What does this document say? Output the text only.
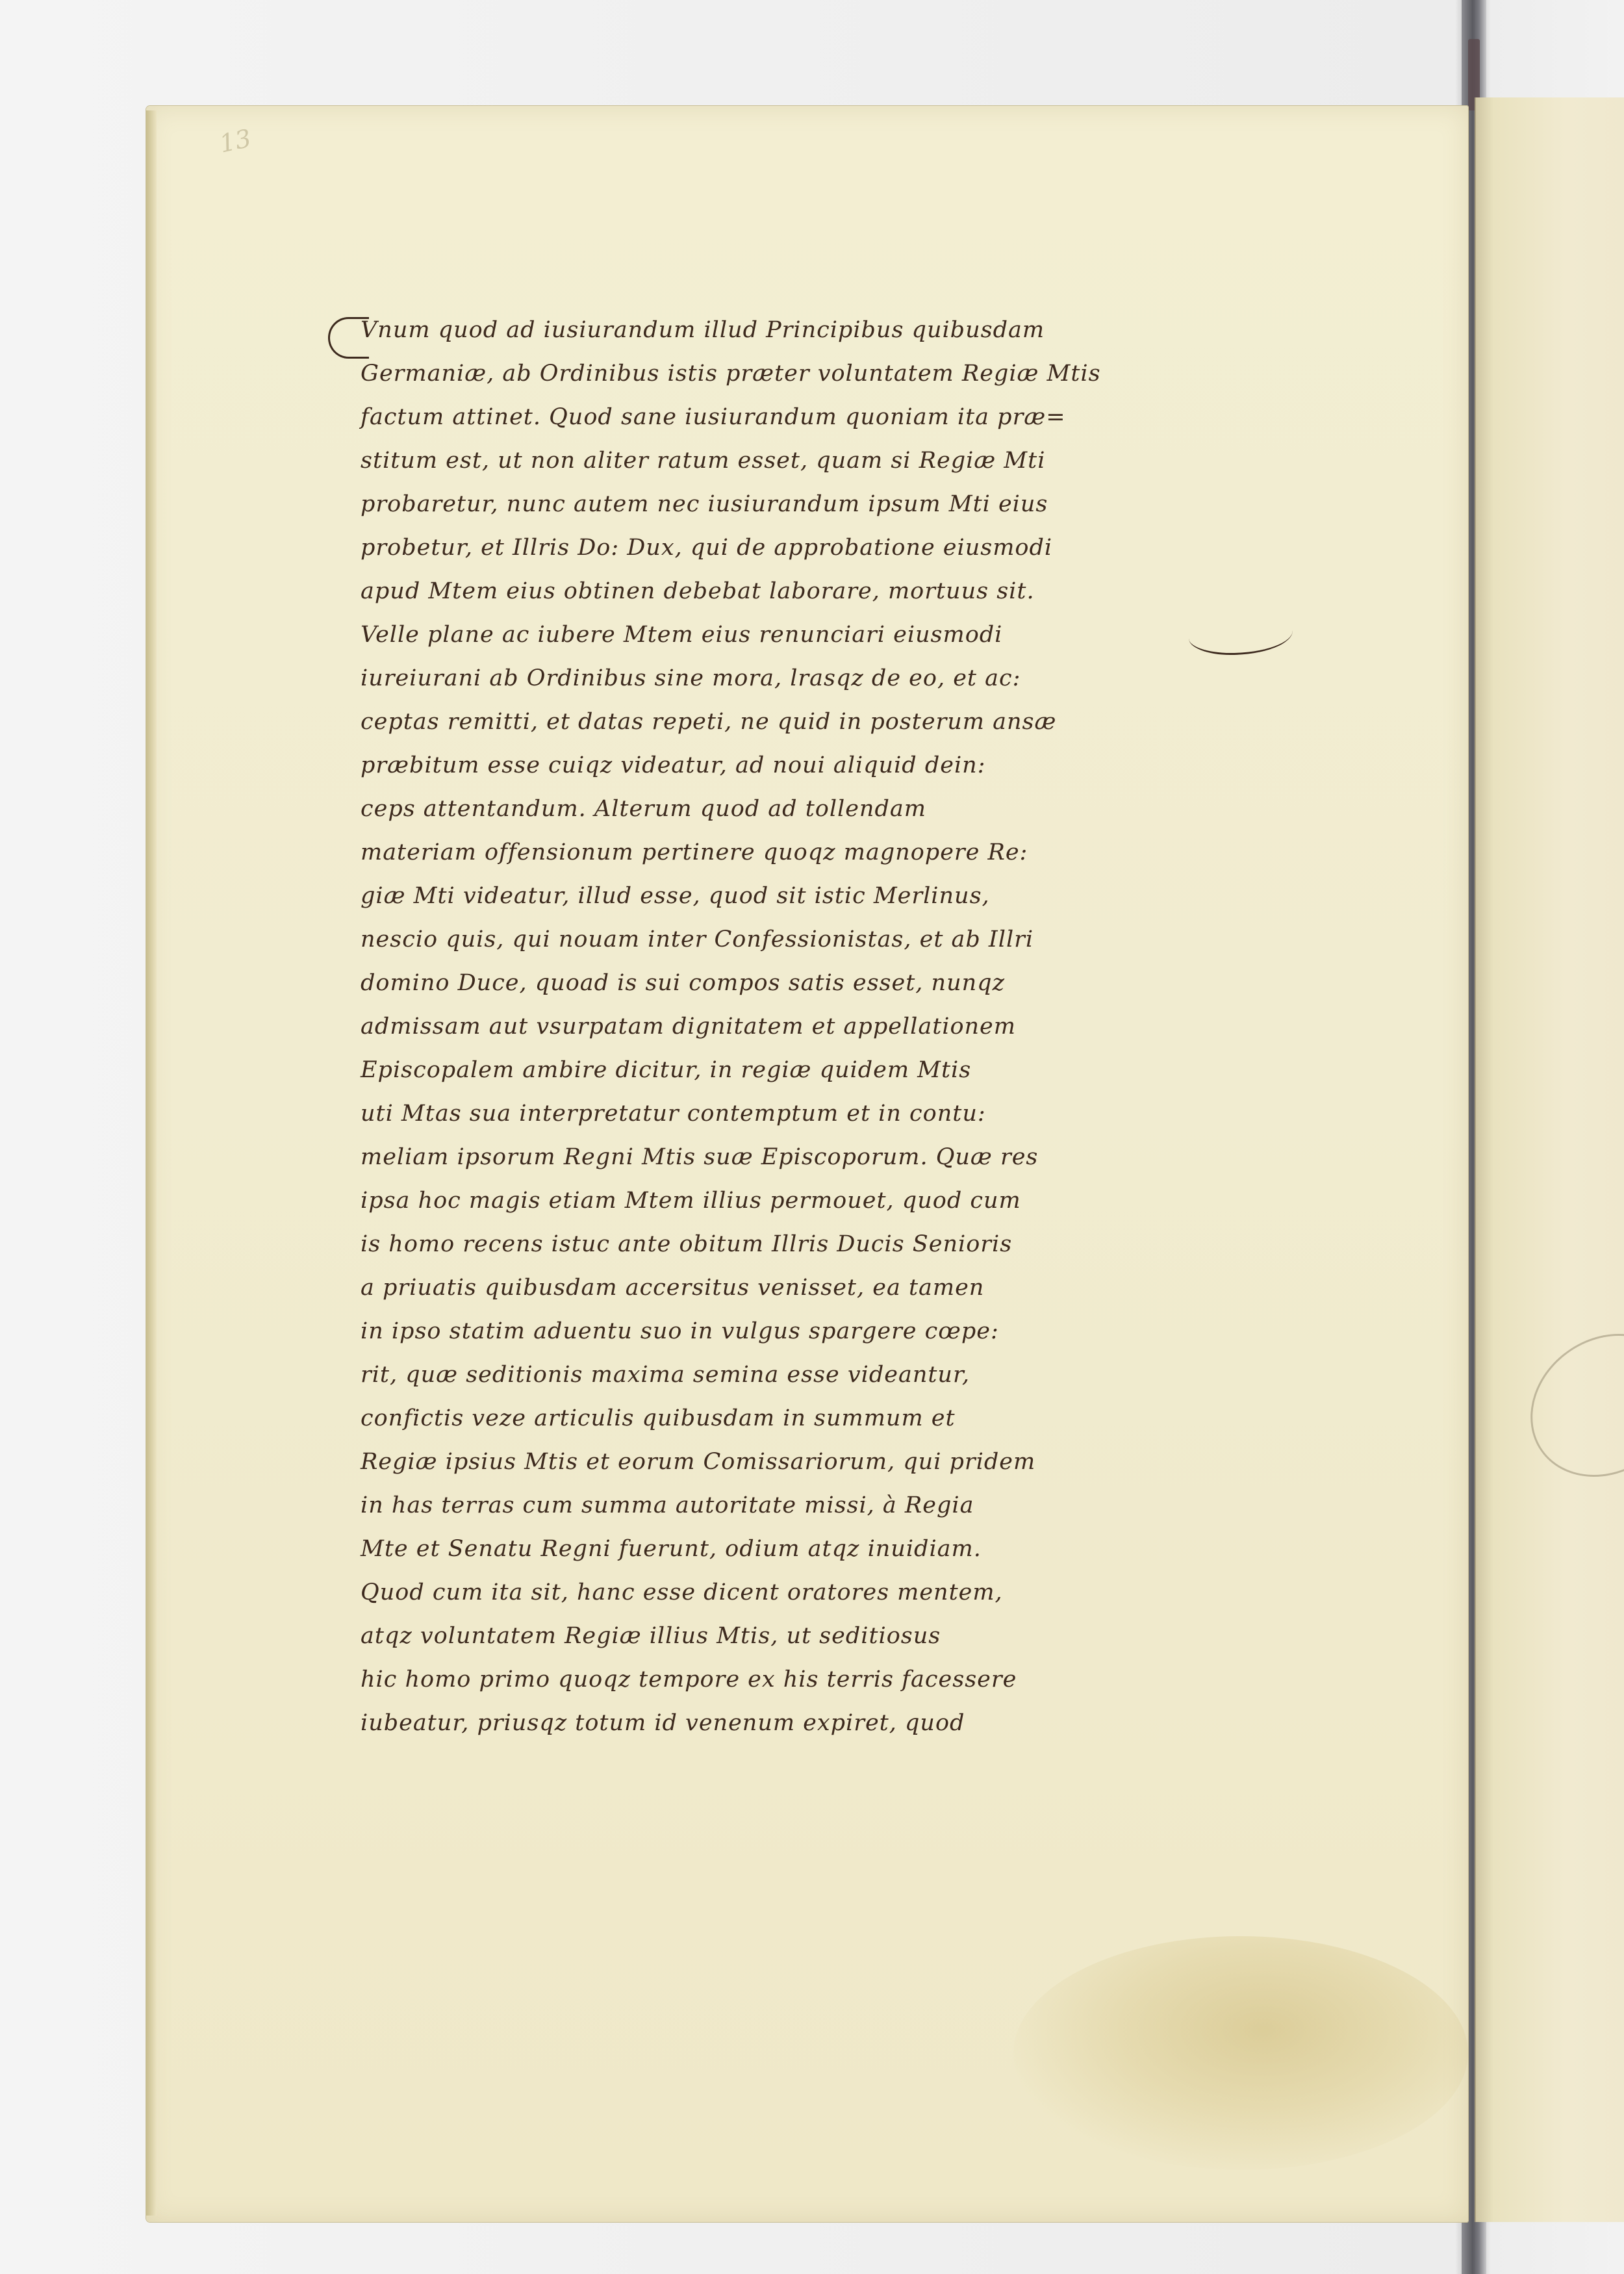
13
Vnum quod ad iusiurandum illud Principibus quibusdam
Germaniæ, ab Ordinibus istis præter voluntatem Regiæ Mtis
factum attinet. Quod sane iusiurandum quoniam ita præ=
stitum est, ut non aliter ratum esset, quam si Regiæ Mti
probaretur, nunc autem nec iusiurandum ipsum Mti eius
probetur, et Illris Do: Dux, qui de approbatione eiusmodi
apud Mtem eius obtinen debebat laborare, mortuus sit.
Velle plane ac iubere Mtem eius renunciari eiusmodi
iureiurani ab Ordinibus sine mora, lrasqz de eo, et ac:
ceptas remitti, et datas repeti, ne quid in posterum ansæ
præbitum esse cuiqz videatur, ad noui aliquid dein:
ceps attentandum. Alterum quod ad tollendam
materiam offensionum pertinere quoqz magnopere Re:
giæ Mti videatur, illud esse, quod sit istic Merlinus,
nescio quis, qui nouam inter Confessionistas, et ab Illri
domino Duce, quoad is sui compos satis esset, nunqz
admissam aut vsurpatam dignitatem et appellationem
Episcopalem ambire dicitur, in regiæ quidem Mtis
uti Mtas sua interpretatur contemptum et in contu:
meliam ipsorum Regni Mtis suæ Episcoporum. Quæ res
ipsa hoc magis etiam Mtem illius permouet, quod cum
is homo recens istuc ante obitum Illris Ducis Senioris
a priuatis quibusdam accersitus venisset, ea tamen
in ipso statim aduentu suo in vulgus spargere cœpe:
rit, quæ seditionis maxima semina esse videantur,
confictis veze articulis quibusdam in summum et
Regiæ ipsius Mtis et eorum Comissariorum, qui pridem
in has terras cum summa autoritate missi, à Regia
Mte et Senatu Regni fuerunt, odium atqz inuidiam.
Quod cum ita sit, hanc esse dicent oratores mentem,
atqz voluntatem Regiæ illius Mtis, ut seditiosus
hic homo primo quoqz tempore ex his terris facessere
iubeatur, priusqz totum id venenum expiret, quod
